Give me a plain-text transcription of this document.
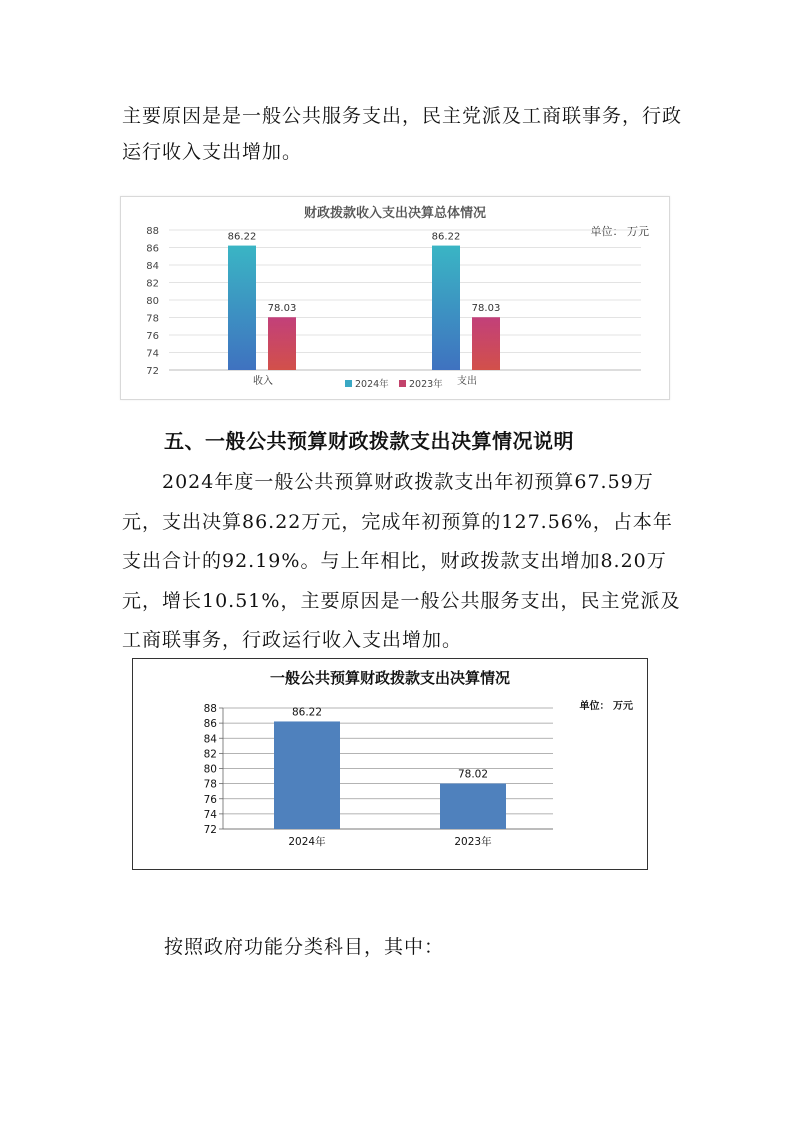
主要原因是是一般公共服务支出，民主党派及工商联事务，行政运行收入支出增加。

财政拨款收入支出决算总体情况
单位： 万元
72
74
76
78
80
82
84
86
88
86.22
78.03
86.22
78.03
收入	支出
2024年 2023年

五、一般公共预算财政拨款支出决算情况说明

2024年度一般公共预算财政拨款支出年初预算67.59万元，支出决算86.22万元，完成年初预算的127.56%，占本年支出合计的92.19%。与上年相比，财政拨款支出增加8.20万元，增长10.51%，主要原因是一般公共服务支出，民主党派及工商联事务，行政运行收入支出增加。

一般公共预算财政拨款支出决算情况
单位： 万元
72
74
76
78
80
82
84
86
88	86.22
78.02
2024年	2023年

按照政府功能分类科目，其中：
